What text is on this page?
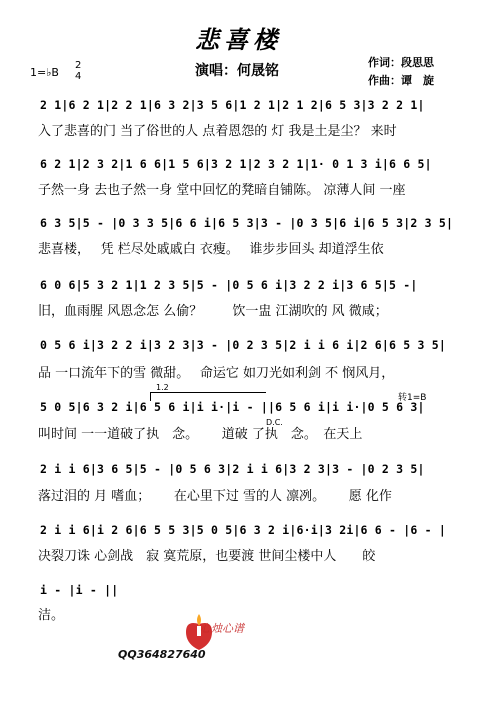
悲喜楼
演唱：何晟铭
作词：段思思
作曲：谭　旋
1=♭B
2
4
2 1|6 2 1|2 2 1|6 3 2|3 5 6|1 2 1|2 1 2|6 5 3|3 2 2 1|
入了悲喜的门 当了俗世的人 点着恩怨的 灯 我是土是尘？ 来时
6 2 1|2 3 2|1 6 6|1 5 6|3 2 1|2 3 2 1|1· 0 1 3 i|6 6 5|
子然一身 去也子然一身 堂中回忆的凳暗自铺陈。 凉薄人间 一座
6 3 5|5 - |0 3 3 5|6 6 i|6 5 3|3 - |0 3 5|6 i|6 5 3|2 3 5|
悲喜楼，　 凭 栏尽处戚戚白 衣瘦。　 谁步步回头 却道浮生依
6 0 6|5 3 2 1|1 2 3 5|5 - |0 5 6 i|3 2 2 i|3 6 5|5 -|
旧，血雨腥 风恩念怎 么偷？　　 饮一盅 江湖吹的 风 微咸；
0 5 6 i|3 2 2 i|3 2 3|3 - |0 2 3 5|2 i i 6 i|2 6|6 5 3 5|
品 一口流年下的雪 微甜。　 命运它 如刀光如利剑 不 悯风月，
1.2
转1=B
5 0 5|6 3 2 i|6 5 6 i|i i·|i - ||6 5 6 i|i i·|0 5 6 3|
D.C.
叫时间 一一道破了执　念。　　 道破 了执　念。　在天上
2 i i 6|3 6 5|5 - |0 5 6 3|2 i i 6|3 2 3|3 - |0 2 3 5|
落过泪的 月 嗜血；　　 在心里下过 雪的人 凛冽。　　 愿 化作
2 i i 6|i 2 6|6 5 5 3|5 0 5|6 3 2 i|6·i|3 2i|6 6 - |6 - |
决裂刀诛 心剑战　寂 寞荒原，也要渡 世间尘楼中人　　皎
i - |i - ||
洁。
心烛心谱
QQ364827640
